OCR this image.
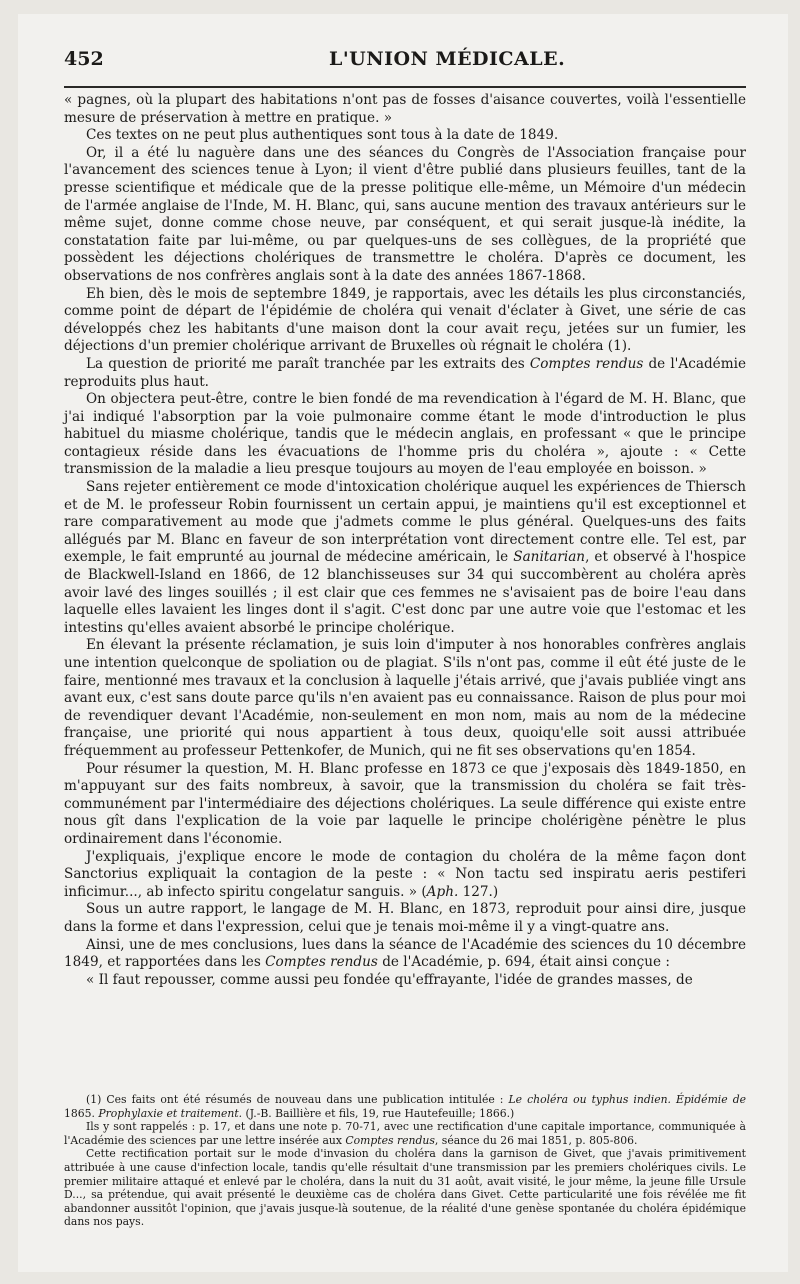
452	L'UNION MÉDICALE.

« pagnes, où la plupart des habitations n'ont pas de fosses d'aisance couvertes, voilà l'essentielle mesure de préservation à mettre en pratique. »

Ces textes on ne peut plus authentiques sont tous à la date de 1849.

Or, il a été lu naguère dans une des séances du Congrès de l'Association française pour l'avancement des sciences tenue à Lyon; il vient d'être publié dans plusieurs feuilles, tant de la presse scientifique et médicale que de la presse politique elle-même, un Mémoire d'un médecin de l'armée anglaise de l'Inde, M. H. Blanc, qui, sans aucune mention des travaux antérieurs sur le même sujet, donne comme chose neuve, par conséquent, et qui serait jusque-là inédite, la constatation faite par lui-même, ou par quelques-uns de ses collègues, de la propriété que possèdent les déjections cholériques de transmettre le choléra. D'après ce document, les observations de nos confrères anglais sont à la date des années 1867-1868.

Eh bien, dès le mois de septembre 1849, je rapportais, avec les détails les plus circonstanciés, comme point de départ de l'épidémie de choléra qui venait d'éclater à Givet, une série de cas développés chez les habitants d'une maison dont la cour avait reçu, jetées sur un fumier, les déjections d'un premier cholérique arrivant de Bruxelles où régnait le choléra (1).

La question de priorité me paraît tranchée par les extraits des Comptes rendus de l'Académie reproduits plus haut.

On objectera peut-être, contre le bien fondé de ma revendication à l'égard de M. H. Blanc, que j'ai indiqué l'absorption par la voie pulmonaire comme étant le mode d'introduction le plus habituel du miasme cholérique, tandis que le médecin anglais, en professant « que le principe contagieux réside dans les évacuations de l'homme pris du choléra », ajoute : « Cette transmission de la maladie a lieu presque toujours au moyen de l'eau employée en boisson. »

Sans rejeter entièrement ce mode d'intoxication cholérique auquel les expériences de Thiersch et de M. le professeur Robin fournissent un certain appui, je maintiens qu'il est exceptionnel et rare comparativement au mode que j'admets comme le plus général. Quelques-uns des faits allégués par M. Blanc en faveur de son interprétation vont directement contre elle. Tel est, par exemple, le fait emprunté au journal de médecine américain, le Sanitarian, et observé à l'hospice de Blackwell-Island en 1866, de 12 blanchisseuses sur 34 qui succombèrent au choléra après avoir lavé des linges souillés ; il est clair que ces femmes ne s'avisaient pas de boire l'eau dans laquelle elles lavaient les linges dont il s'agit. C'est donc par une autre voie que l'estomac et les intestins qu'elles avaient absorbé le principe cholérique.

En élevant la présente réclamation, je suis loin d'imputer à nos honorables confrères anglais une intention quelconque de spoliation ou de plagiat. S'ils n'ont pas, comme il eût été juste de le faire, mentionné mes travaux et la conclusion à laquelle j'étais arrivé, que j'avais publiée vingt ans avant eux, c'est sans doute parce qu'ils n'en avaient pas eu connaissance. Raison de plus pour moi de revendiquer devant l'Académie, non-seulement en mon nom, mais au nom de la médecine française, une priorité qui nous appartient à tous deux, quoiqu'elle soit aussi attribuée fréquemment au professeur Pettenkofer, de Munich, qui ne fit ses observations qu'en 1854.

Pour résumer la question, M. H. Blanc professe en 1873 ce que j'exposais dès 1849-1850, en m'appuyant sur des faits nombreux, à savoir, que la transmission du choléra se fait très-communément par l'intermédiaire des déjections cholériques. La seule différence qui existe entre nous gît dans l'explication de la voie par laquelle le principe cholérigène pénètre le plus ordinairement dans l'économie.

J'expliquais, j'explique encore le mode de contagion du choléra de la même façon dont Sanctorius expliquait la contagion de la peste : « Non tactu sed inspiratu aeris pestiferi inficimur..., ab infecto spiritu congelatur sanguis. » (Aph. 127.)

Sous un autre rapport, le langage de M. H. Blanc, en 1873, reproduit pour ainsi dire, jusque dans la forme et dans l'expression, celui que je tenais moi-même il y a vingt-quatre ans.

Ainsi, une de mes conclusions, lues dans la séance de l'Académie des sciences du 10 décembre 1849, et rapportées dans les Comptes rendus de l'Académie, p. 694, était ainsi conçue :

« Il faut repousser, comme aussi peu fondée qu'effrayante, l'idée de grandes masses, de

(1) Ces faits ont été résumés de nouveau dans une publication intitulée : Le choléra ou typhus indien. Épidémie de 1865. Prophylaxie et traitement. (J.-B. Baillière et fils, 19, rue Hautefeuille; 1866.)

Ils y sont rappelés : p. 17, et dans une note p. 70-71, avec une rectification d'une capitale importance, communiquée à l'Académie des sciences par une lettre insérée aux Comptes rendus, séance du 26 mai 1851, p. 805-806.

Cette rectification portait sur le mode d'invasion du choléra dans la garnison de Givet, que j'avais primitivement attribuée à une cause d'infection locale, tandis qu'elle résultait d'une transmission par les premiers cholériques civils. Le premier militaire attaqué et enlevé par le choléra, dans la nuit du 31 août, avait visité, le jour même, la jeune fille Ursule D..., sa prétendue, qui avait présenté le deuxième cas de choléra dans Givet. Cette particularité une fois révélée me fit abandonner aussitôt l'opinion, que j'avais jusque-là soutenue, de la réalité d'une genèse spontanée du choléra épidémique dans nos pays.
